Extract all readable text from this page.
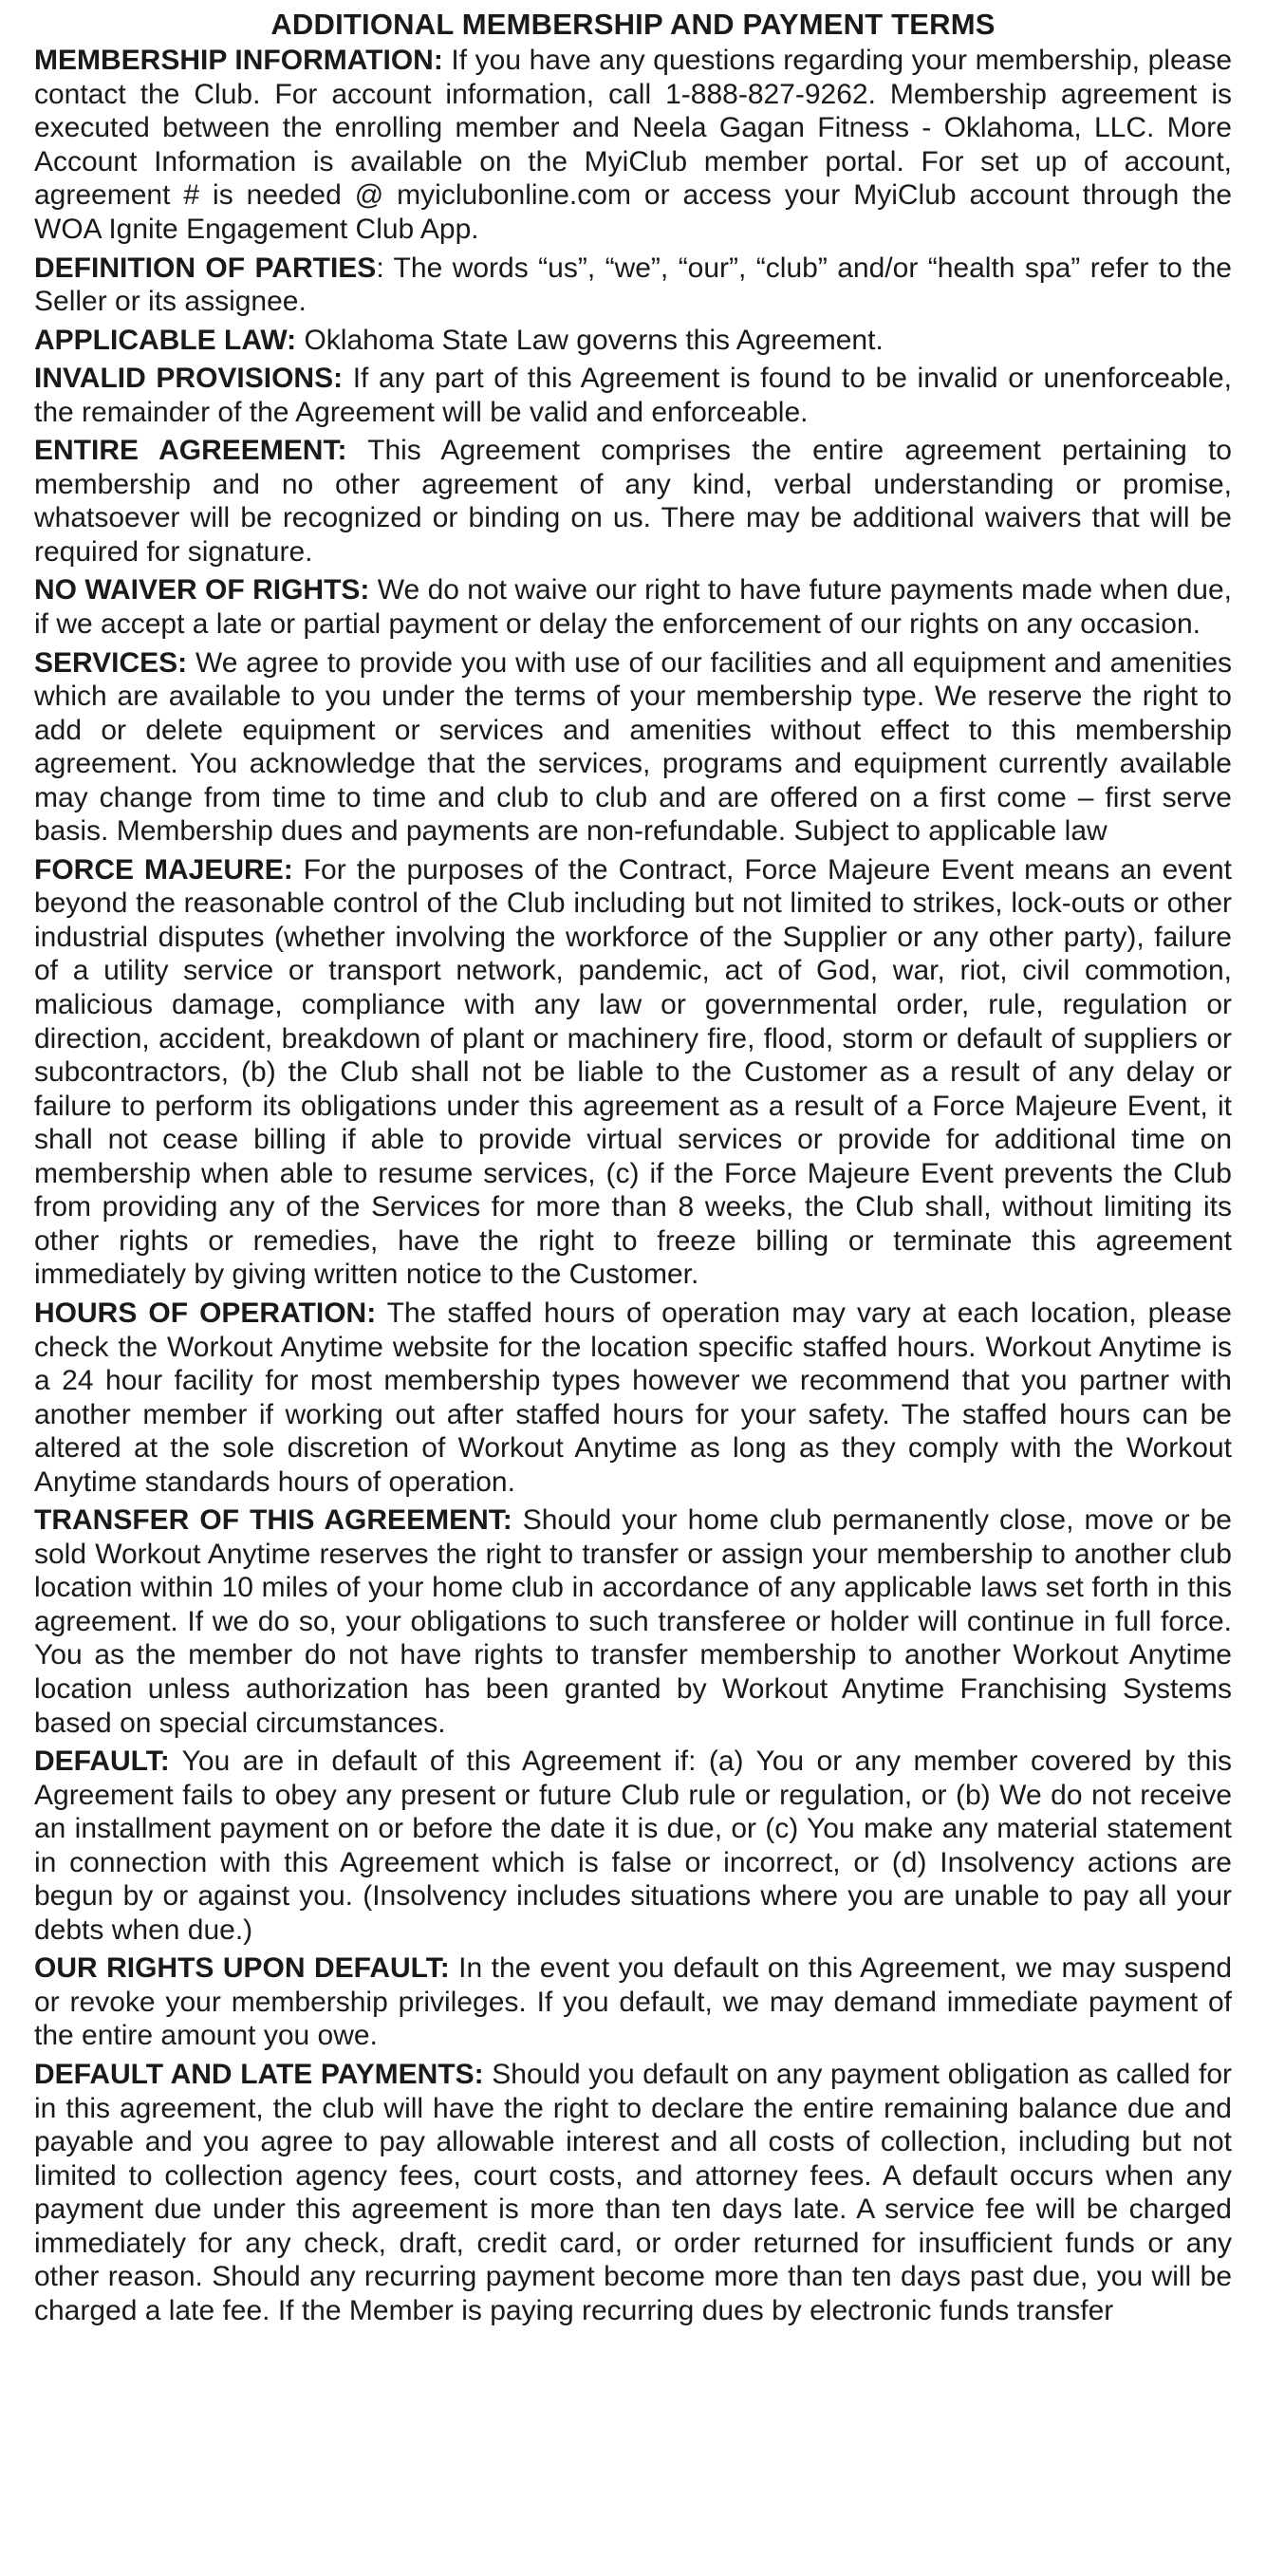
ADDITIONAL MEMBERSHIP AND PAYMENT TERMS

MEMBERSHIP INFORMATION: If you have any questions regarding your membership, please contact the Club. For account information, call 1-888-827-9262. Membership agreement is executed between the enrolling member and Neela Gagan Fitness - Oklahoma, LLC. More Account Information is available on the MyiClub member portal. For set up of account, agreement # is needed @ myiclubonline.com or access your MyiClub account through the WOA Ignite Engagement Club App.

DEFINITION OF PARTIES: The words “us”, “we”, “our”, “club” and/or “health spa” refer to the Seller or its assignee.

APPLICABLE LAW: Oklahoma State Law governs this Agreement.

INVALID PROVISIONS: If any part of this Agreement is found to be invalid or unenforceable, the remainder of the Agreement will be valid and enforceable.

ENTIRE AGREEMENT: This Agreement comprises the entire agreement pertaining to membership and no other agreement of any kind, verbal understanding or promise, whatsoever will be recognized or binding on us. There may be additional waivers that will be required for signature.

NO WAIVER OF RIGHTS: We do not waive our right to have future payments made when due, if we accept a late or partial payment or delay the enforcement of our rights on any occasion.

SERVICES: We agree to provide you with use of our facilities and all equipment and amenities which are available to you under the terms of your membership type. We reserve the right to add or delete equipment or services and amenities without effect to this membership agreement. You acknowledge that the services, programs and equipment currently available may change from time to time and club to club and are offered on a first come – first serve basis. Membership dues and payments are non-refundable. Subject to applicable law

FORCE MAJEURE: For the purposes of the Contract, Force Majeure Event means an event beyond the reasonable control of the Club including but not limited to strikes, lock-outs or other industrial disputes (whether involving the workforce of the Supplier or any other party), failure of a utility service or transport network, pandemic, act of God, war, riot, civil commotion, malicious damage, compliance with any law or governmental order, rule, regulation or direction, accident, breakdown of plant or machinery fire, flood, storm or default of suppliers or subcontractors, (b) the Club shall not be liable to the Customer as a result of any delay or failure to perform its obligations under this agreement as a result of a Force Majeure Event, it shall not cease billing if able to provide virtual services or provide for additional time on membership when able to resume services, (c) if the Force Majeure Event prevents the Club from providing any of the Services for more than 8 weeks, the Club shall, without limiting its other rights or remedies, have the right to freeze billing or terminate this agreement immediately by giving written notice to the Customer.

HOURS OF OPERATION: The staffed hours of operation may vary at each location, please check the Workout Anytime website for the location specific staffed hours. Workout Anytime is a 24 hour facility for most membership types however we recommend that you partner with another member if working out after staffed hours for your safety. The staffed hours can be altered at the sole discretion of Workout Anytime as long as they comply with the Workout Anytime standards hours of operation.

TRANSFER OF THIS AGREEMENT: Should your home club permanently close, move or be sold Workout Anytime reserves the right to transfer or assign your membership to another club location within 10 miles of your home club in accordance of any applicable laws set forth in this agreement. If we do so, your obligations to such transferee or holder will continue in full force. You as the member do not have rights to transfer membership to another Workout Anytime location unless authorization has been granted by Workout Anytime Franchising Systems based on special circumstances.

DEFAULT: You are in default of this Agreement if: (a) You or any member covered by this Agreement fails to obey any present or future Club rule or regulation, or (b) We do not receive an installment payment on or before the date it is due, or (c) You make any material statement in connection with this Agreement which is false or incorrect, or (d) Insolvency actions are begun by or against you. (Insolvency includes situations where you are unable to pay all your debts when due.)

OUR RIGHTS UPON DEFAULT: In the event you default on this Agreement, we may suspend or revoke your membership privileges. If you default, we may demand immediate payment of the entire amount you owe.

DEFAULT AND LATE PAYMENTS: Should you default on any payment obligation as called for in this agreement, the club will have the right to declare the entire remaining balance due and payable and you agree to pay allowable interest and all costs of collection, including but not limited to collection agency fees, court costs, and attorney fees. A default occurs when any payment due under this agreement is more than ten days late. A service fee will be charged immediately for any check, draft, credit card, or order returned for insufficient funds or any other reason. Should any recurring payment become more than ten days past due, you will be charged a late fee. If the Member is paying recurring dues by electronic funds transfer
